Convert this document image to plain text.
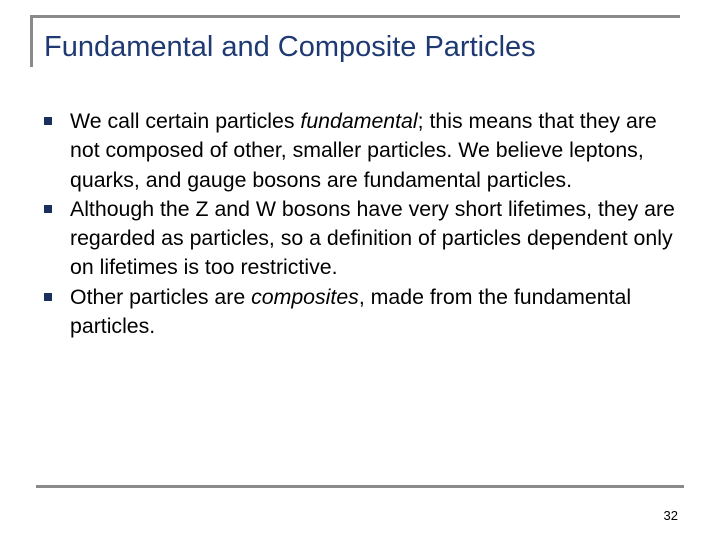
Fundamental and Composite Particles
We call certain particles fundamental; this means that they are not composed of other, smaller particles. We believe leptons, quarks, and gauge bosons are fundamental particles.
Although the Z and W bosons have very short lifetimes, they are regarded as particles, so a definition of particles dependent only on lifetimes is too restrictive.
Other particles are composites, made from the fundamental particles.
32
